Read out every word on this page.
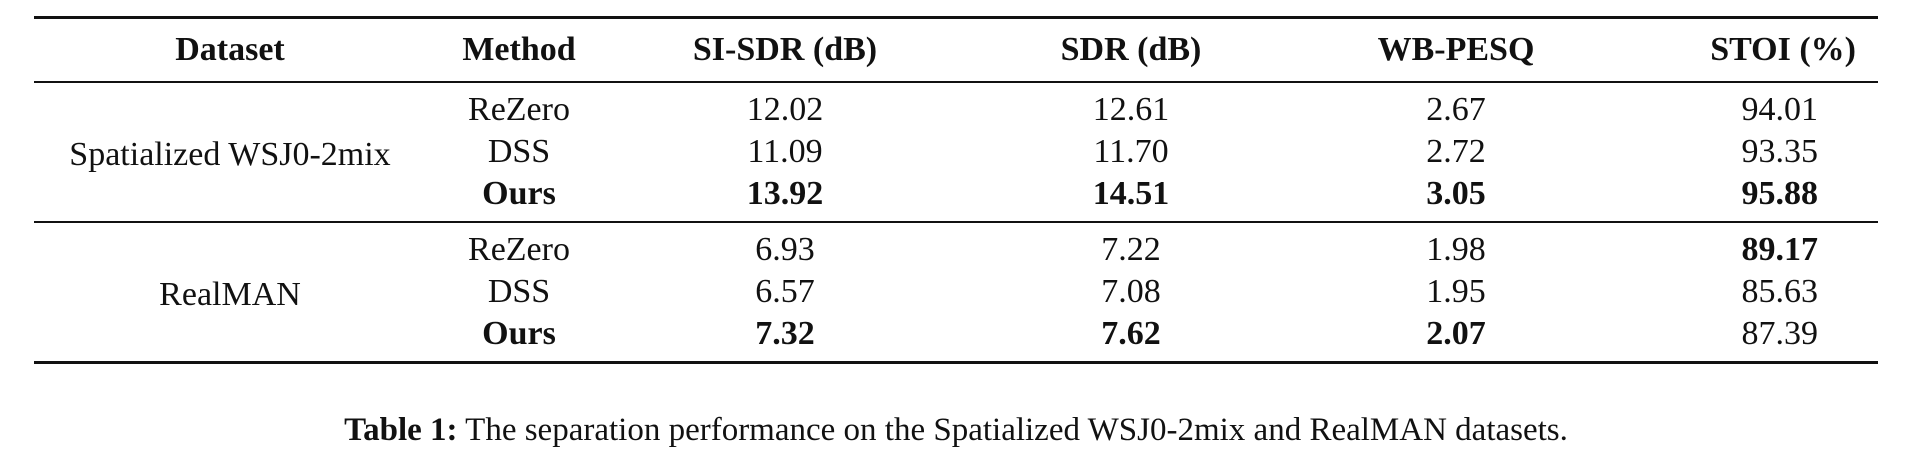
Dataset	Method	SI-SDR (dB)	SDR (dB)	WB-PESQ	STOI (%)
Spatialized WSJ0-2mix	ReZero	12.02	12.61	2.67	94.01
	DSS	11.09	11.70	2.72	93.35
	Ours	13.92	14.51	3.05	95.88
RealMAN	ReZero	6.93	7.22	1.98	89.17
	DSS	6.57	7.08	1.95	85.63
	Ours	7.32	7.62	2.07	87.39
Table 1: The separation performance on the Spatialized WSJ0-2mix and RealMAN datasets.
